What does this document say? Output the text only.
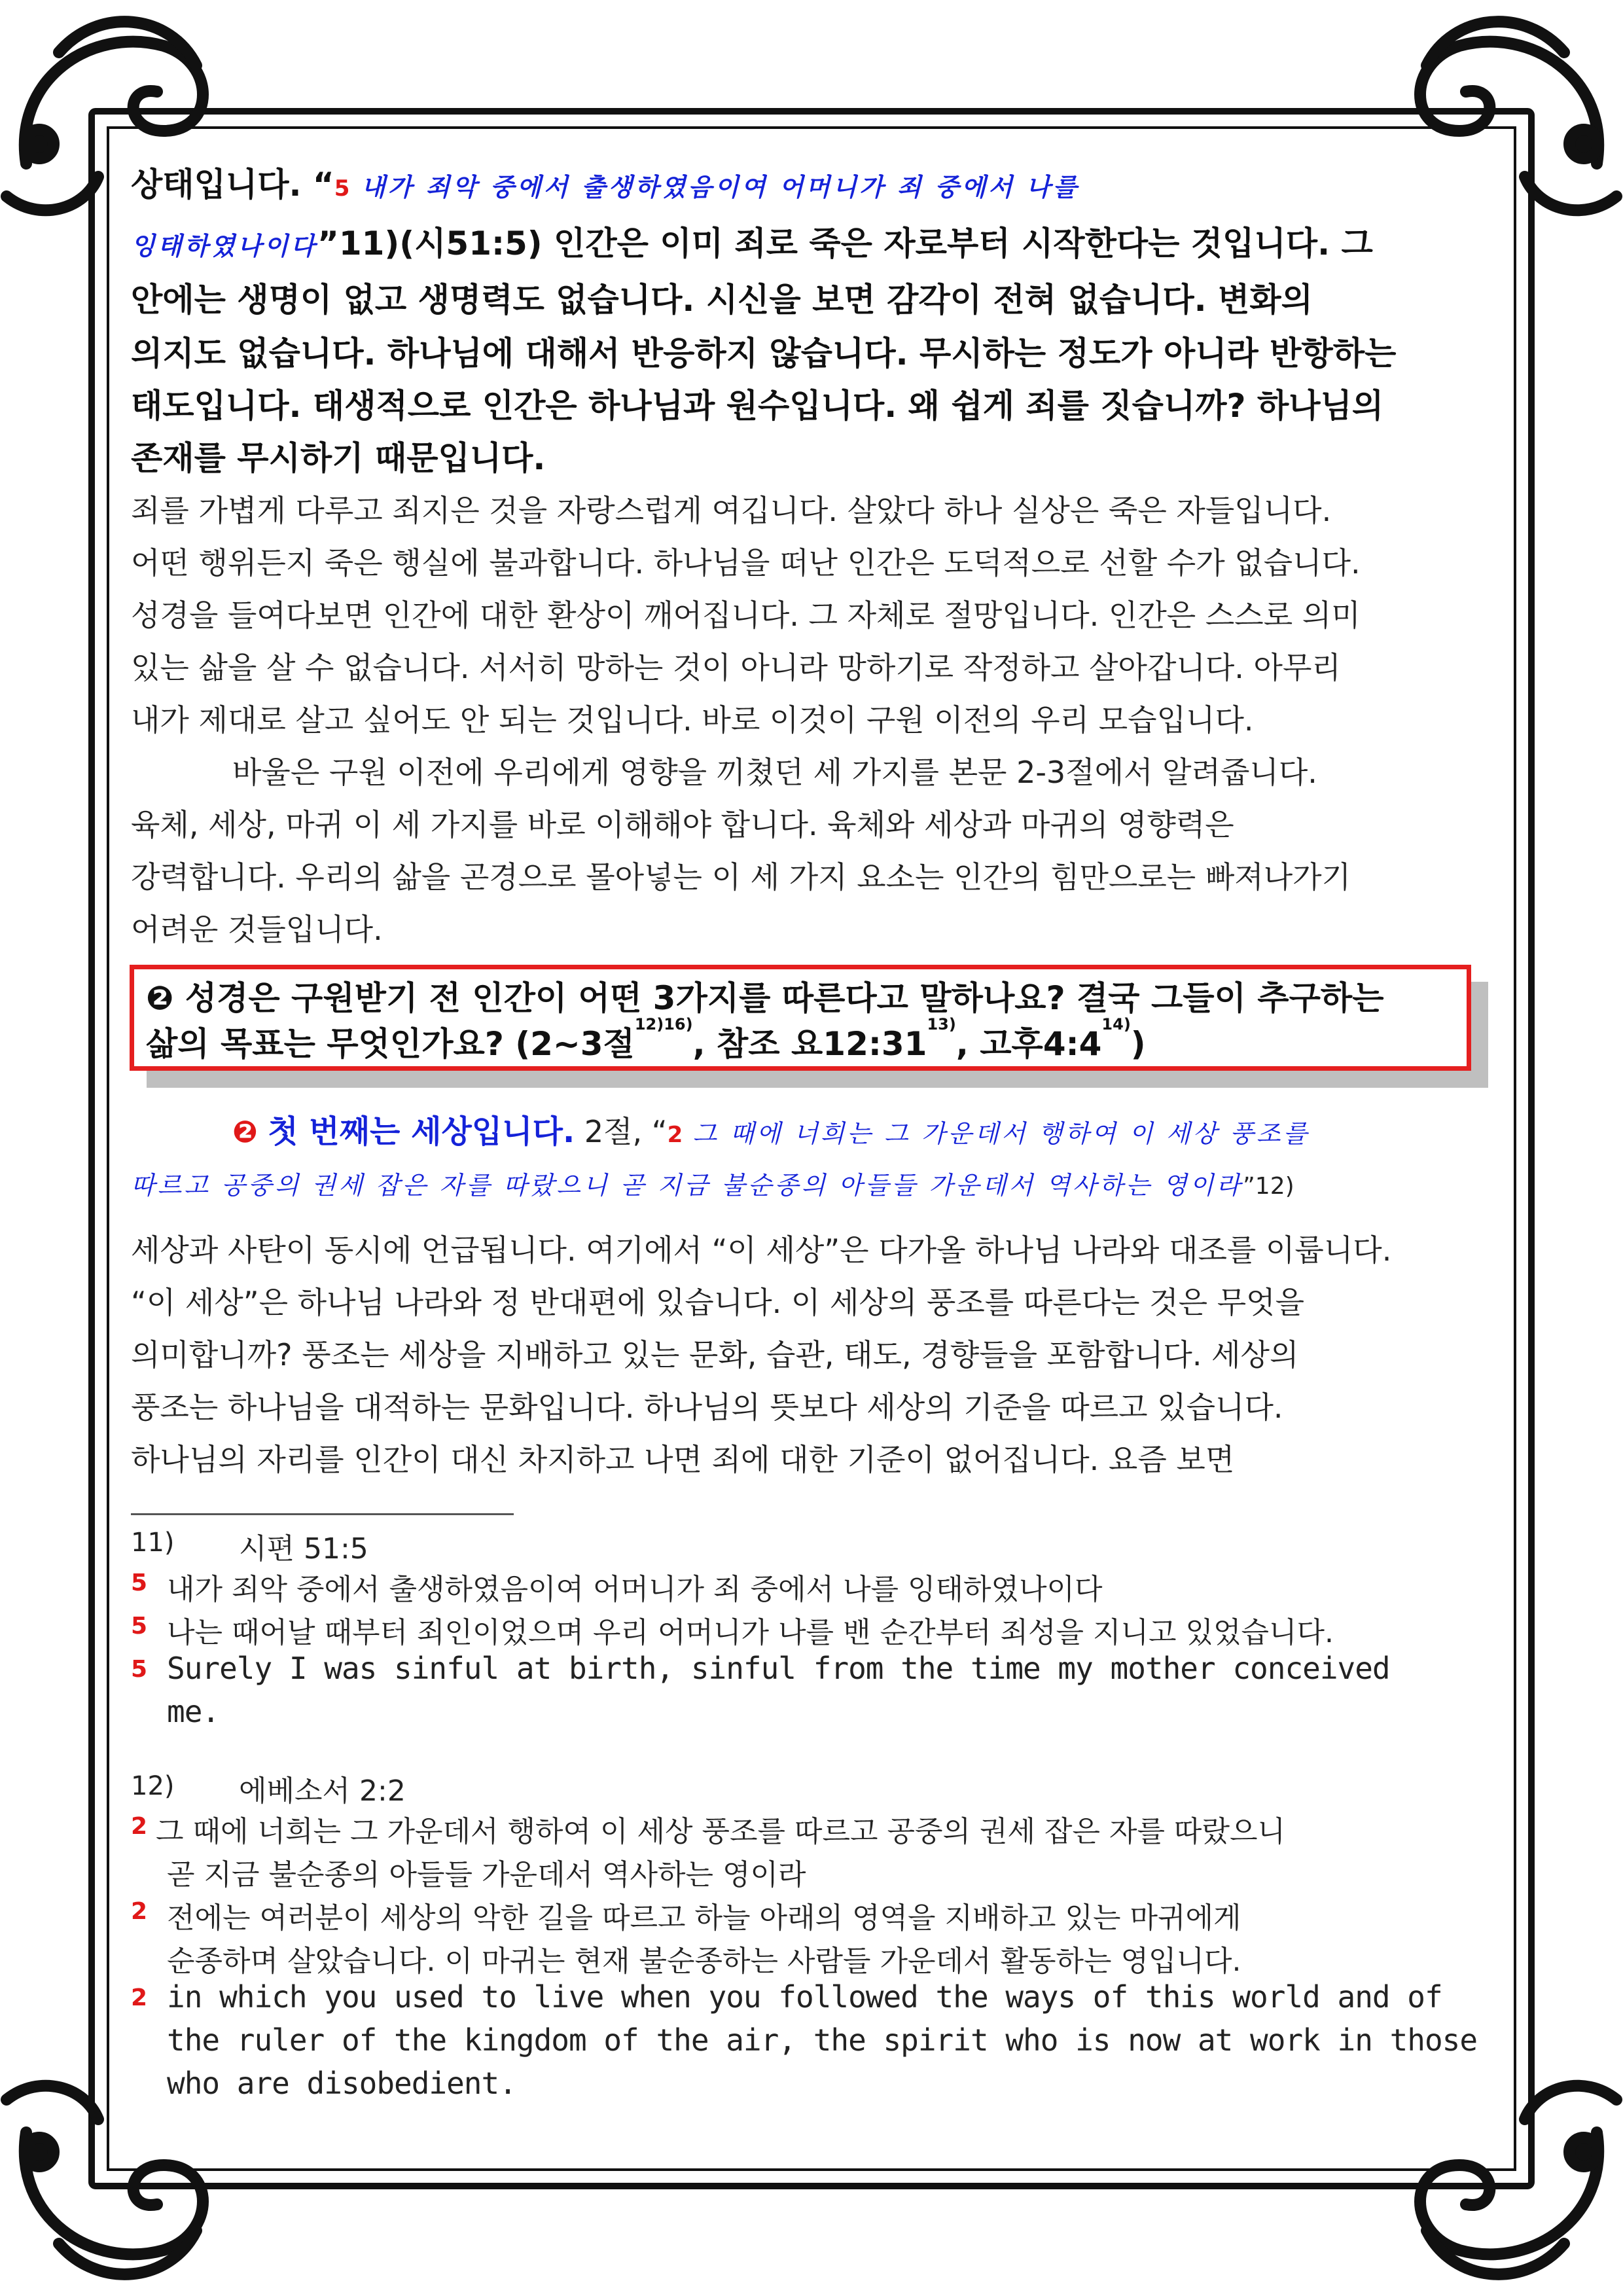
상태입니다. “5 내가 죄악 중에서 출생하였음이여 어머니가 죄 중에서 나를
잉태하였나이다”11)(시51:5) 인간은 이미 죄로 죽은 자로부터 시작한다는 것입니다. 그
안에는 생명이 없고 생명력도 없습니다. 시신을 보면 감각이 전혀 없습니다. 변화의
의지도 없습니다. 하나님에 대해서 반응하지 않습니다. 무시하는 정도가 아니라 반항하는
태도입니다. 태생적으로 인간은 하나님과 원수입니다. 왜 쉽게 죄를 짓습니까? 하나님의
존재를 무시하기 때문입니다.
죄를 가볍게 다루고 죄지은 것을 자랑스럽게 여깁니다. 살았다 하나 실상은 죽은 자들입니다.
어떤 행위든지 죽은 행실에 불과합니다. 하나님을 떠난 인간은 도덕적으로 선할 수가 없습니다.
성경을 들여다보면 인간에 대한 환상이 깨어집니다. 그 자체로 절망입니다. 인간은 스스로 의미
있는 삶을 살 수 없습니다. 서서히 망하는 것이 아니라 망하기로 작정하고 살아갑니다. 아무리
내가 제대로 살고 싶어도 안 되는 것입니다. 바로 이것이 구원 이전의 우리 모습입니다.
바울은 구원 이전에 우리에게 영향을 끼쳤던 세 가지를 본문 2-3절에서 알려줍니다.
육체, 세상, 마귀 이 세 가지를 바로 이해해야 합니다. 육체와 세상과 마귀의 영향력은
강력합니다. 우리의 삶을 곤경으로 몰아넣는 이 세 가지 요소는 인간의 힘만으로는 빠져나가기
어려운 것들입니다.
❷ 성경은 구원받기 전 인간이 어떤 3가지를 따른다고 말하나요? 결국 그들이 추구하는
삶의 목표는 무엇인가요? (2~3절$^{12)16)}$, 참조 요12:31$^{13)}$, 고후4:4$^{14)}$)
❷ 첫 번째는 세상입니다. 2절, “2 그 때에 너희는 그 가운데서 행하여 이 세상 풍조를
따르고 공중의 권세 잡은 자를 따랐으니 곧 지금 불순종의 아들들 가운데서 역사하는 영이라”12)
세상과 사탄이 동시에 언급됩니다. 여기에서 “이 세상”은 다가올 하나님 나라와 대조를 이룹니다.
“이 세상”은 하나님 나라와 정 반대편에 있습니다. 이 세상의 풍조를 따른다는 것은 무엇을
의미합니까? 풍조는 세상을 지배하고 있는 문화, 습관, 태도, 경향들을 포함합니다. 세상의
풍조는 하나님을 대적하는 문화입니다. 하나님의 뜻보다 세상의 기준을 따르고 있습니다.
하나님의 자리를 인간이 대신 차지하고 나면 죄에 대한 기준이 없어집니다. 요즘 보면
11) 시편 51:5
5 내가 죄악 중에서 출생하였음이여 어머니가 죄 중에서 나를 잉태하였나이다
5 나는 때어날 때부터 죄인이었으며 우리 어머니가 나를 밴 순간부터 죄성을 지니고 있었습니다.
5 Surely I was sinful at birth, sinful from the time my mother conceived
me.
12) 에베소서 2:2
2 그 때에 너희는 그 가운데서 행하여 이 세상 풍조를 따르고 공중의 권세 잡은 자를 따랐으니
곧 지금 불순종의 아들들 가운데서 역사하는 영이라
2 전에는 여러분이 세상의 악한 길을 따르고 하늘 아래의 영역을 지배하고 있는 마귀에게
순종하며 살았습니다. 이 마귀는 현재 불순종하는 사람들 가운데서 활동하는 영입니다.
2 in which you used to live when you followed the ways of this world and of
the ruler of the kingdom of the air, the spirit who is now at work in those
who are disobedient.
